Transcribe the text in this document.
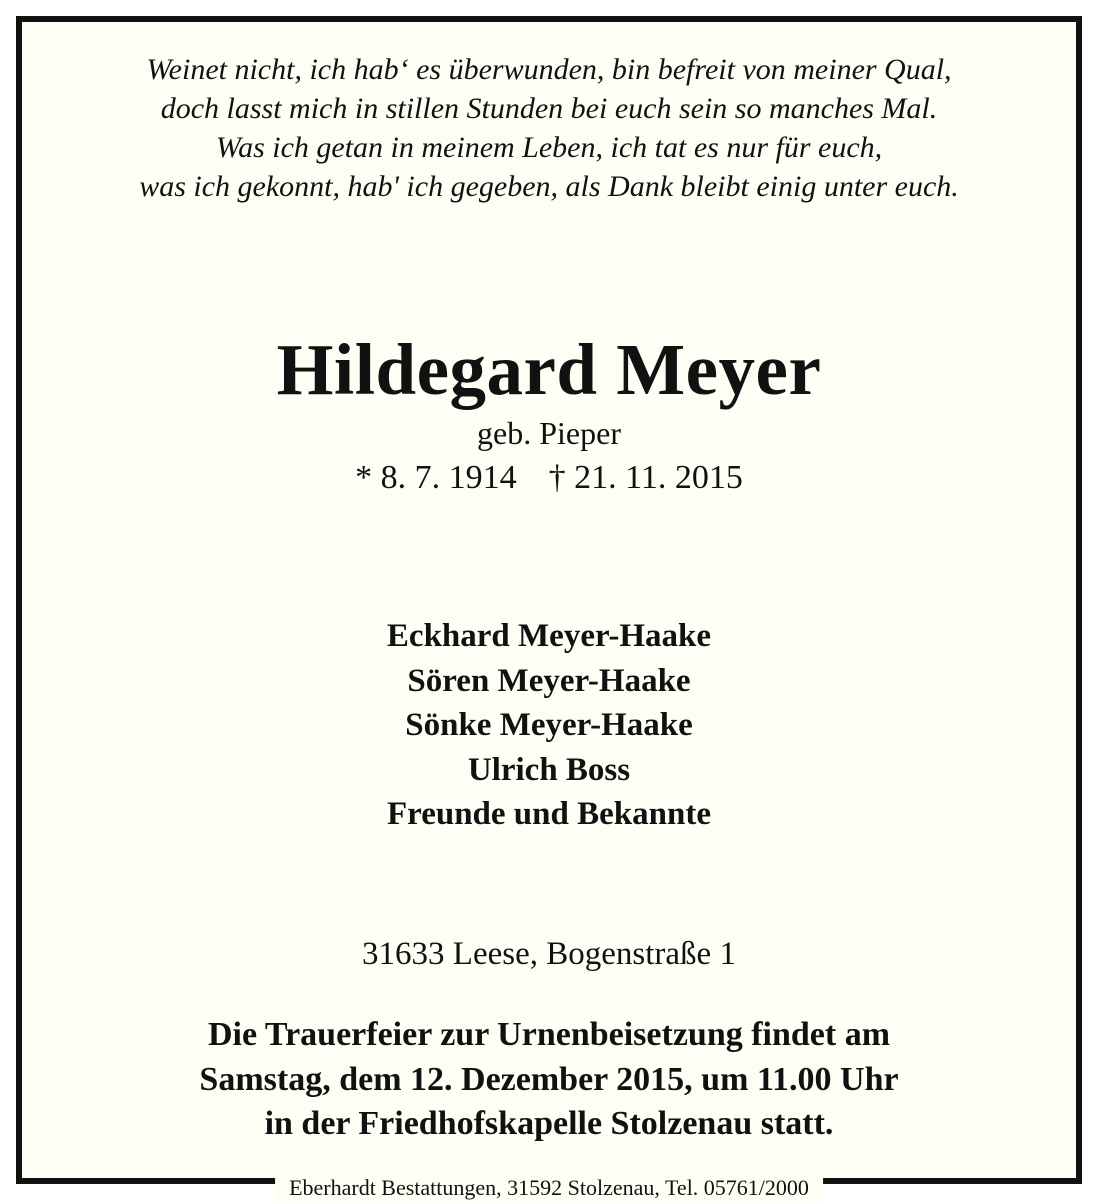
Weinet nicht, ich hab‘ es überwunden, bin befreit von meiner Qual,
doch lasst mich in stillen Stunden bei euch sein so manches Mal.
Was ich getan in meinem Leben, ich tat es nur für euch,
was ich gekonnt, hab' ich gegeben, als Dank bleibt einig unter euch.
Hildegard Meyer
geb. Pieper
* 8. 7. 1914 † 21. 11. 2015
Eckhard Meyer-Haake
Sören Meyer-Haake
Sönke Meyer-Haake
Ulrich Boss
Freunde und Bekannte
31633 Leese, Bogenstraße 1
Die Trauerfeier zur Urnenbeisetzung findet am
Samstag, dem 12. Dezember 2015, um 11.00 Uhr
in der Friedhofskapelle Stolzenau statt.
Eberhardt Bestattungen, 31592 Stolzenau, Tel. 05761/2000
